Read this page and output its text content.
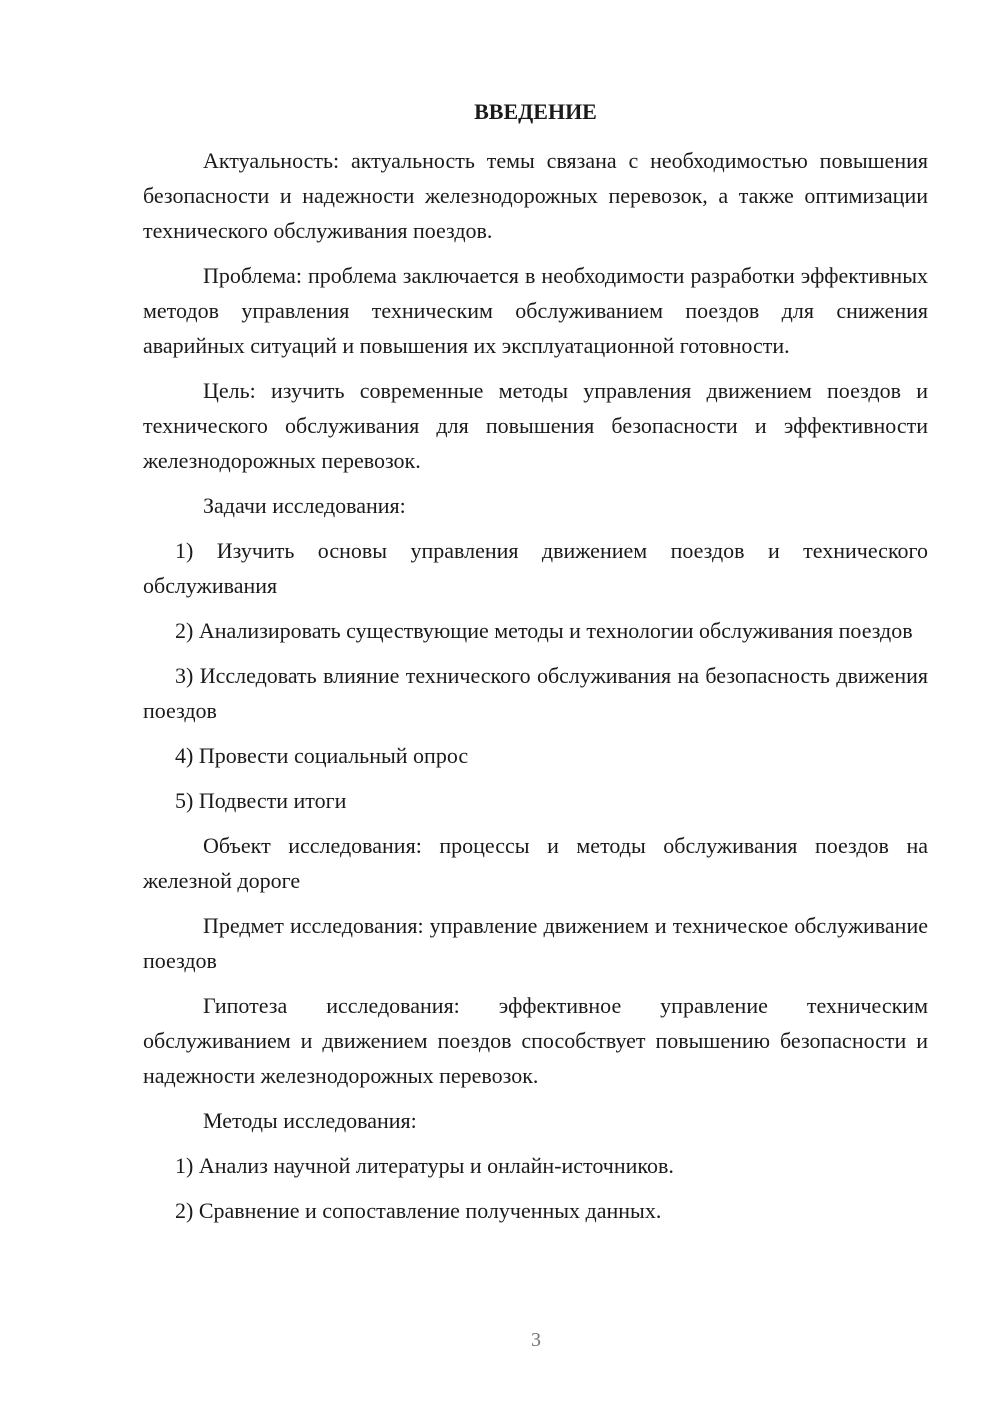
ВВЕДЕНИЕ

Актуальность: актуальность темы связана с необходимостью повышения безопасности и надежности железнодорожных перевозок, а также оптимизации технического обслуживания поездов.

Проблема: проблема заключается в необходимости разработки эффективных методов управления техническим обслуживанием поездов для снижения аварийных ситуаций и повышения их эксплуатационной готовности.

Цель: изучить современные методы управления движением поездов и технического обслуживания для повышения безопасности и эффективности железнодорожных перевозок.

Задачи исследования:

1) Изучить основы управления движением поездов и технического обслуживания

2) Анализировать существующие методы и технологии обслуживания поездов

3) Исследовать влияние технического обслуживания на безопасность движения поездов

4) Провести социальный опрос

5) Подвести итоги

Объект исследования: процессы и методы обслуживания поездов на железной дороге

Предмет исследования: управление движением и техническое обслуживание поездов

Гипотеза исследования: эффективное управление техническим обслуживанием и движением поездов способствует повышению безопасности и надежности железнодорожных перевозок.

Методы исследования:

1) Анализ научной литературы и онлайн-источников.

2) Сравнение и сопоставление полученных данных.

3
